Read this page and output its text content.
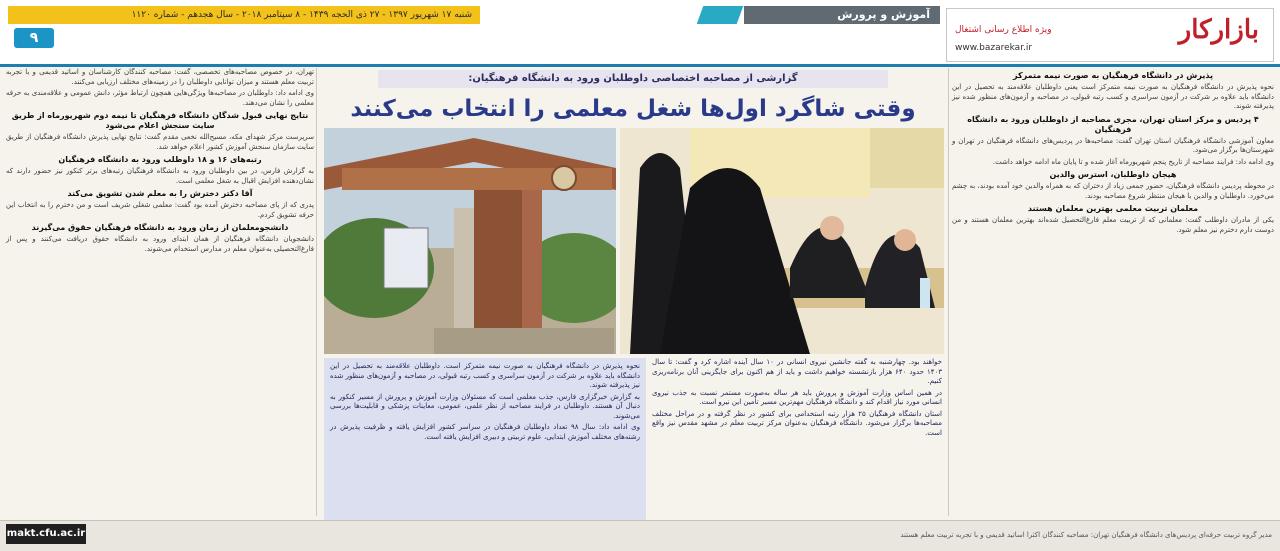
شنبه ۱۷ شهریور ۱۳۹۷ - ۲۷ ذی الحجه ۱۴۳۹ - ۸ سپتامبر ۲۰۱۸ - سال هجدهم - شماره ۱۱۲۰
۹
آموزش و پرورش
بازارکار
ویژه اطلاع رسانی اشتغال
www.bazarekar.ir

تهران، در خصوص مصاحبه‌های تخصصی، گفت: مصاحبه کنندگان کارشناسان و اساتید قدیمی و با تجربه تربیت معلم هستند و میزان توانایی داوطلبان را در زمینه‌های مختلف ارزیابی می‌کنند.

وی ادامه داد: داوطلبان در مصاحبه‌ها ویژگی‌هایی همچون ارتباط مؤثر، دانش عمومی و علاقه‌مندی به حرفه معلمی را نشان می‌دهند.

نتایج نهایی قبول شدگان دانشگاه فرهنگیان تا نیمه دوم شهریورماه از طریق سایت سنجش اعلام می‌شود

سرپرست مرکز شهدای مکه، مسیح‌الله نخعی مقدم گفت: نتایج نهایی پذیرش دانشگاه فرهنگیان از طریق سایت سازمان سنجش آموزش کشور اعلام خواهد شد.

رتبه‌های ۱۶ و ۱۸ داوطلب ورود به دانشگاه فرهنگیان

به گزارش فارس، در بین داوطلبان ورود به دانشگاه فرهنگیان رتبه‌های برتر کنکور نیز حضور دارند که نشان‌دهنده افزایش اقبال به شغل معلمی است.

آقا دکتر دخترش را به معلم شدن تشویق می‌کند

پدری که از پای مصاحبه دخترش آمده بود گفت: معلمی شغلی شریف است و من دخترم را به انتخاب این حرفه تشویق کردم.

دانشجومعلمان از زمان ورود به دانشگاه فرهنگیان حقوق می‌گیرند

دانشجویان دانشگاه فرهنگیان از همان ابتدای ورود به دانشگاه حقوق دریافت می‌کنند و پس از فارغ‌التحصیلی به‌عنوان معلم در مدارس استخدام می‌شوند.

گزارشی از مصاحبه اختصاصی داوطلبان ورود به دانشگاه فرهنگیان:
وقتی شاگرد اول‌ها شغل معلمی را انتخاب می‌کنند

نحوه پذیرش در دانشگاه فرهنگیان به صورت نیمه متمرکز است. داوطلبان علاقه‌مند به تحصیل در این دانشگاه باید علاوه بر شرکت در آزمون سراسری و کسب رتبه قبولی، در مصاحبه و آزمون‌های منظور شده نیز پذیرفته شوند.

به گزارش خبرگزاری فارس، جذب معلمی است که مسئولان وزارت آموزش و پرورش از مسیر کنکور به دنبال آن هستند. داوطلبان در فرایند مصاحبه از نظر علمی، عمومی، معاینات پزشکی و قابلیت‌ها بررسی می‌شوند.

وی ادامه داد: سال ۹۸ تعداد داوطلبان فرهنگیان در سراسر کشور افزایش یافته و ظرفیت پذیرش در رشته‌های مختلف آموزش ابتدایی، علوم تربیتی و دبیری افزایش یافته است.

خواهند بود. چهارشنبه به گفته جانشین نیروی انسانی در ۱۰ سال آینده اشاره کرد و گفت: تا سال ۱۴۰۳ حدود ۶۴۰ هزار بازنشسته خواهیم داشت و باید از هم اکنون برای جایگزینی آنان برنامه‌ریزی کنیم.

در همین اساس وزارت آموزش و پرورش باید هر ساله به‌صورت مستمر نسبت به جذب نیروی انسانی مورد نیاز اقدام کند و دانشگاه فرهنگیان مهم‌ترین مسیر تأمین این نیرو است.

استان دانشگاه فرهنگیان ۲۵ هزار رتبه استخدامی برای کشور در نظر گرفته و در مراحل مختلف مصاحبه‌ها برگزار می‌شود. دانشگاه فرهنگیان به‌عنوان مرکز تربیت معلم در مشهد مقدس نیز واقع است.

پذیرش در دانشگاه فرهنگیان به صورت نیمه متمرکز

نحوه پذیرش در دانشگاه فرهنگیان به صورت نیمه متمرکز است یعنی داوطلبان علاقه‌مند به تحصیل در این دانشگاه باید علاوه بر شرکت در آزمون سراسری و کسب رتبه قبولی، در مصاحبه و آزمون‌های منظور شده نیز پذیرفته شوند.

۴ پردیس و مرکز استان تهران، مجری مصاحبه از داوطلبان ورود به دانشگاه فرهنگیان

معاون آموزشی دانشگاه فرهنگیان استان تهران گفت: مصاحبه‌ها در پردیس‌های دانشگاه فرهنگیان در تهران و شهرستان‌ها برگزار می‌شود.

وی ادامه داد: فرایند مصاحبه از تاریخ پنجم شهریورماه آغاز شده و تا پایان ماه ادامه خواهد داشت.

هیجان داوطلبان، استرس والدین

در محوطه پردیس دانشگاه فرهنگیان، حضور جمعی زیاد از دختران که به همراه والدین خود آمده بودند، به چشم می‌خورد. داوطلبان و والدین با هیجان منتظر شروع مصاحبه بودند.

معلمان تربیت معلمی بهترین معلمان هستند

یکی از مادران داوطلب گفت: معلمانی که از تربیت معلم فارغ‌التحصیل شده‌اند بهترین معلمان هستند و من دوست دارم دخترم نیز معلم شود.

makt.cfu.ac.ir	مدیر گروه تربیت حرفه‌ای پردیس‌های دانشگاه فرهنگیان تهران: مصاحبه کنندگان اکثرا اساتید قدیمی و با تجربه تربیت معلم هستند
